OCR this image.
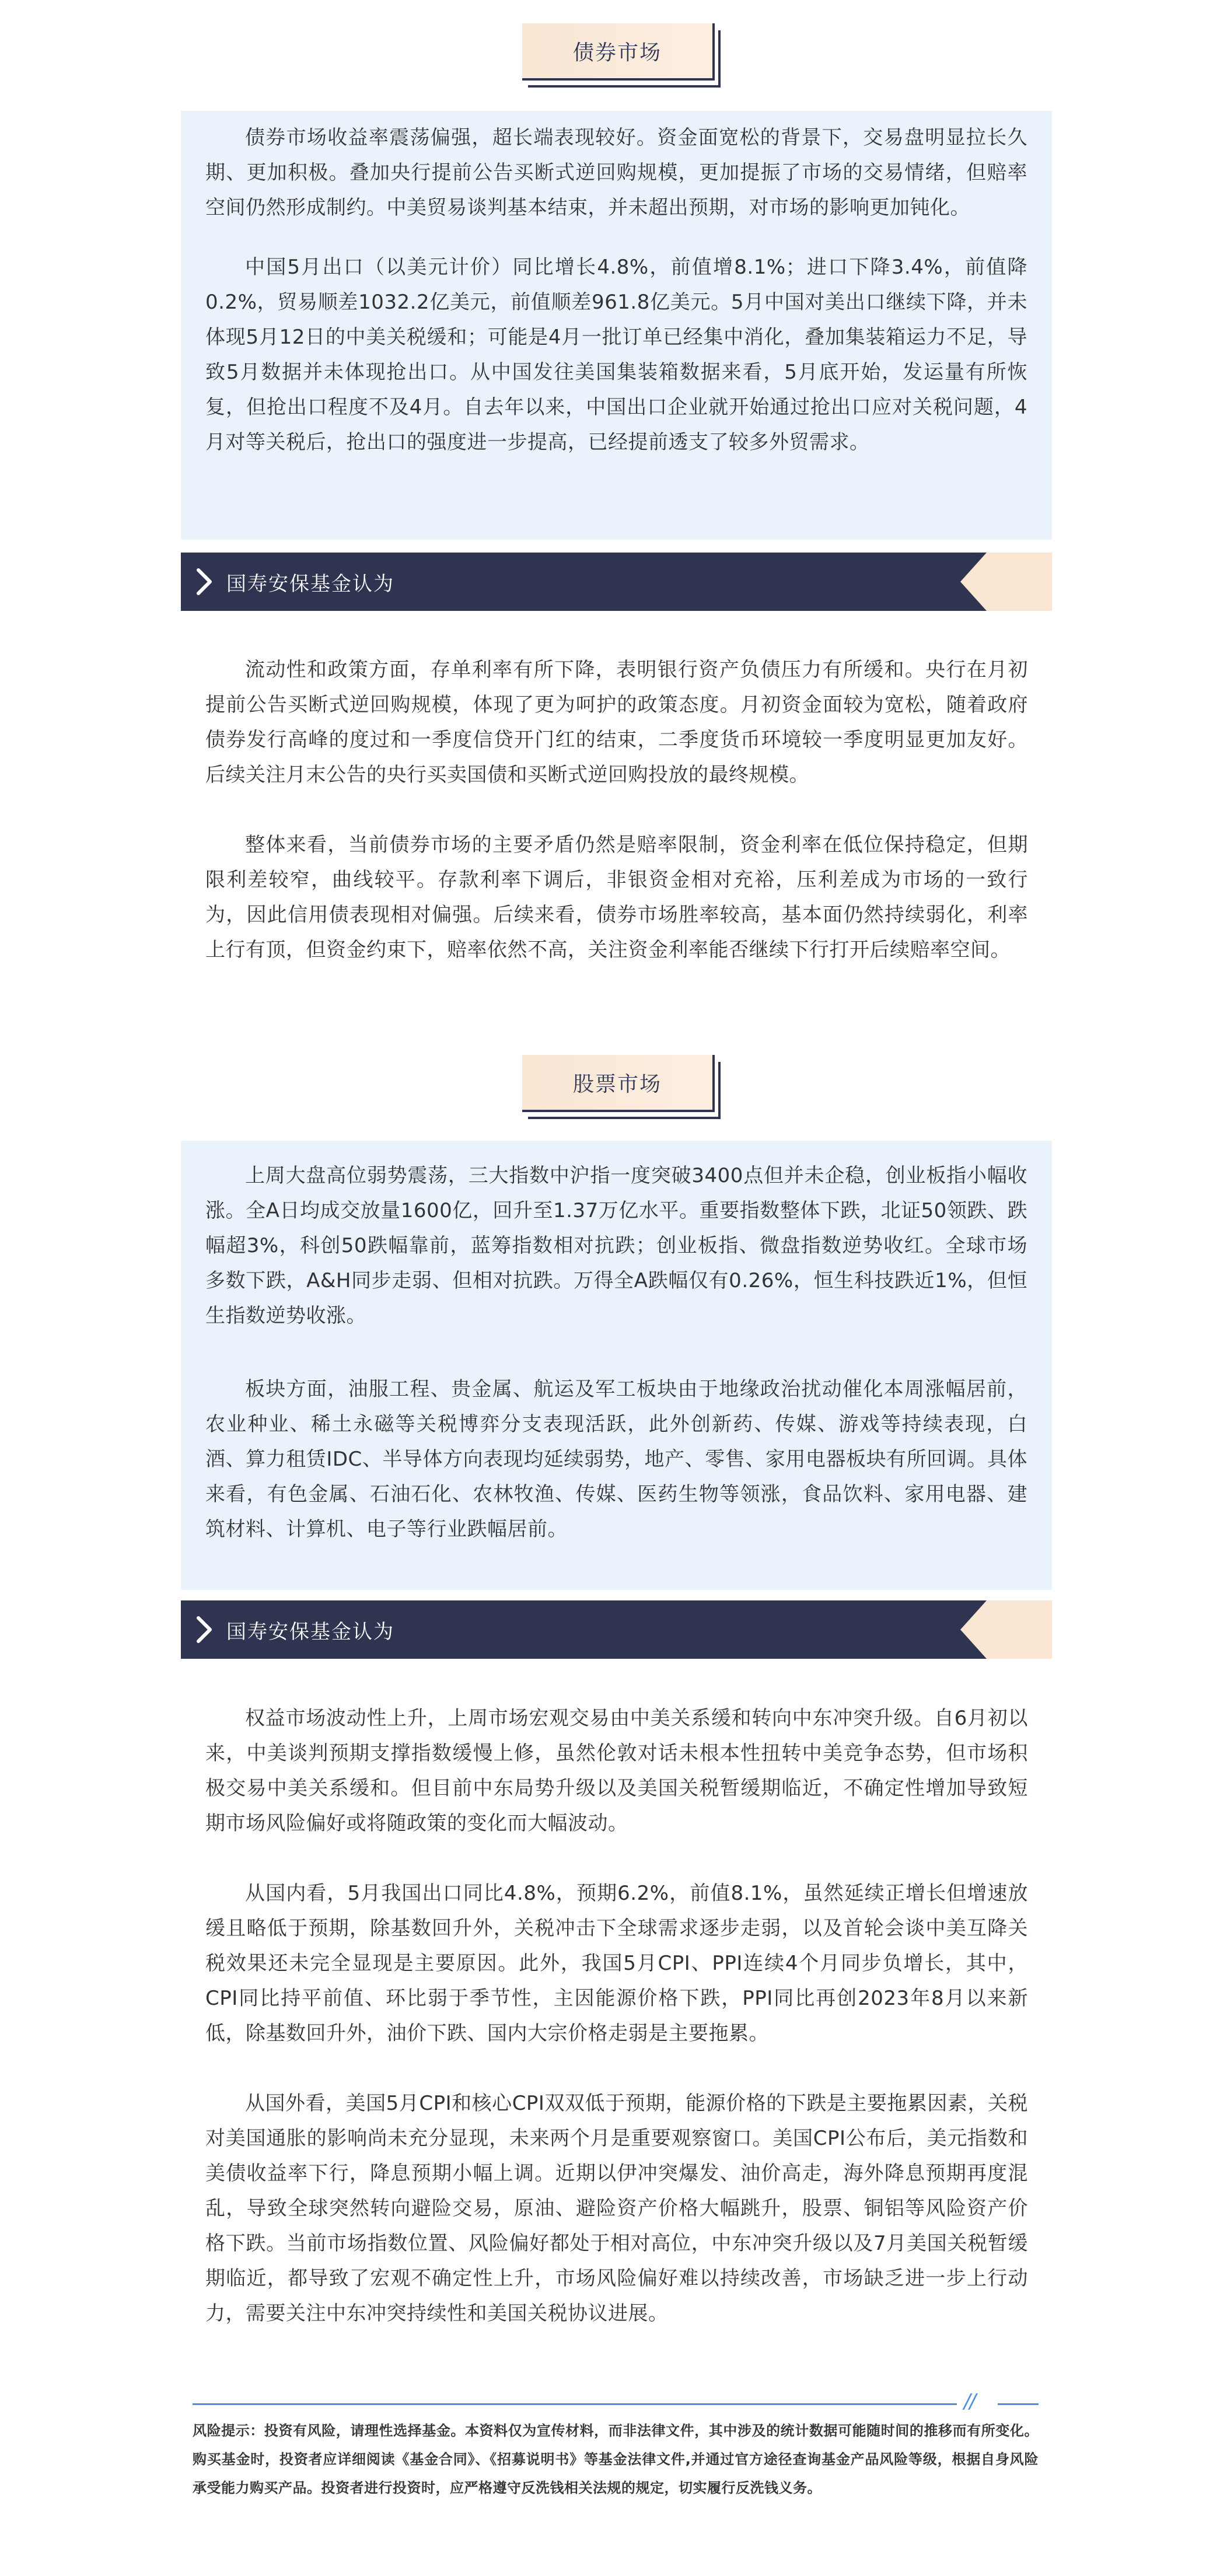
债券市场

债券市场收益率震荡偏强，超长端表现较好。资金面宽松的背景下，交易盘明显拉长久期、更加积极。叠加央行提前公告买断式逆回购规模，更加提振了市场的交易情绪，但赔率空间仍然形成制约。中美贸易谈判基本结束，并未超出预期，对市场的影响更加钝化。

中国5月出口（以美元计价）同比增长4.8%，前值增8.1%；进口下降3.4%，前值降0.2%，贸易顺差1032.2亿美元，前值顺差961.8亿美元。5月中国对美出口继续下降，并未体现5月12日的中美关税缓和；可能是4月一批订单已经集中消化，叠加集装箱运力不足，导致5月数据并未体现抢出口。从中国发往美国集装箱数据来看，5月底开始，发运量有所恢复，但抢出口程度不及4月。自去年以来，中国出口企业就开始通过抢出口应对关税问题，4月对等关税后，抢出口的强度进一步提高，已经提前透支了较多外贸需求。

国寿安保基金认为

流动性和政策方面，存单利率有所下降，表明银行资产负债压力有所缓和。央行在月初提前公告买断式逆回购规模，体现了更为呵护的政策态度。月初资金面较为宽松，随着政府债券发行高峰的度过和一季度信贷开门红的结束，二季度货币环境较一季度明显更加友好。后续关注月末公告的央行买卖国债和买断式逆回购投放的最终规模。

整体来看，当前债券市场的主要矛盾仍然是赔率限制，资金利率在低位保持稳定，但期限利差较窄，曲线较平。存款利率下调后，非银资金相对充裕，压利差成为市场的一致行为，因此信用债表现相对偏强。后续来看，债券市场胜率较高，基本面仍然持续弱化，利率上行有顶，但资金约束下，赔率依然不高，关注资金利率能否继续下行打开后续赔率空间。

股票市场

上周大盘高位弱势震荡，三大指数中沪指一度突破3400点但并未企稳，创业板指小幅收涨。全A日均成交放量1600亿，回升至1.37万亿水平。重要指数整体下跌，北证50领跌、跌幅超3%，科创50跌幅靠前，蓝筹指数相对抗跌；创业板指、微盘指数逆势收红。全球市场多数下跌，A&H同步走弱、但相对抗跌。万得全A跌幅仅有0.26%，恒生科技跌近1%，但恒生指数逆势收涨。

板块方面，油服工程、贵金属、航运及军工板块由于地缘政治扰动催化本周涨幅居前，农业种业、稀土永磁等关税博弈分支表现活跃，此外创新药、传媒、游戏等持续表现，白酒、算力租赁IDC、半导体方向表现均延续弱势，地产、零售、家用电器板块有所回调。具体来看，有色金属、石油石化、农林牧渔、传媒、医药生物等领涨，食品饮料、家用电器、建筑材料、计算机、电子等行业跌幅居前。

国寿安保基金认为

权益市场波动性上升，上周市场宏观交易由中美关系缓和转向中东冲突升级。自6月初以来，中美谈判预期支撑指数缓慢上修，虽然伦敦对话未根本性扭转中美竞争态势，但市场积极交易中美关系缓和。但目前中东局势升级以及美国关税暂缓期临近，不确定性增加导致短期市场风险偏好或将随政策的变化而大幅波动。

从国内看，5月我国出口同比4.8%，预期6.2%，前值8.1%，虽然延续正增长但增速放缓且略低于预期，除基数回升外，关税冲击下全球需求逐步走弱，以及首轮会谈中美互降关税效果还未完全显现是主要原因。此外，我国5月CPI、PPI连续4个月同步负增长，其中，CPI同比持平前值、环比弱于季节性，主因能源价格下跌，PPI同比再创2023年8月以来新低，除基数回升外，油价下跌、国内大宗价格走弱是主要拖累。

从国外看，美国5月CPI和核心CPI双双低于预期，能源价格的下跌是主要拖累因素，关税对美国通胀的影响尚未充分显现，未来两个月是重要观察窗口。美国CPI公布后，美元指数和美债收益率下行，降息预期小幅上调。近期以伊冲突爆发、油价高走，海外降息预期再度混乱，导致全球突然转向避险交易，原油、避险资产价格大幅跳升，股票、铜铝等风险资产价格下跌。当前市场指数位置、风险偏好都处于相对高位，中东冲突升级以及7月美国关税暂缓期临近，都导致了宏观不确定性上升，市场风险偏好难以持续改善，市场缺乏进一步上行动力，需要关注中东冲突持续性和美国关税协议进展。

//
风险提示：投资有风险，请理性选择基金。本资料仅为宣传材料，而非法律文件，其中涉及的统计数据可能随时间的推移而有所变化。购买基金时，投资者应详细阅读《基金合同》、《招募说明书》等基金法律文件,并通过官方途径查询基金产品风险等级，根据自身风险承受能力购买产品。投资者进行投资时，应严格遵守反洗钱相关法规的规定，切实履行反洗钱义务。
